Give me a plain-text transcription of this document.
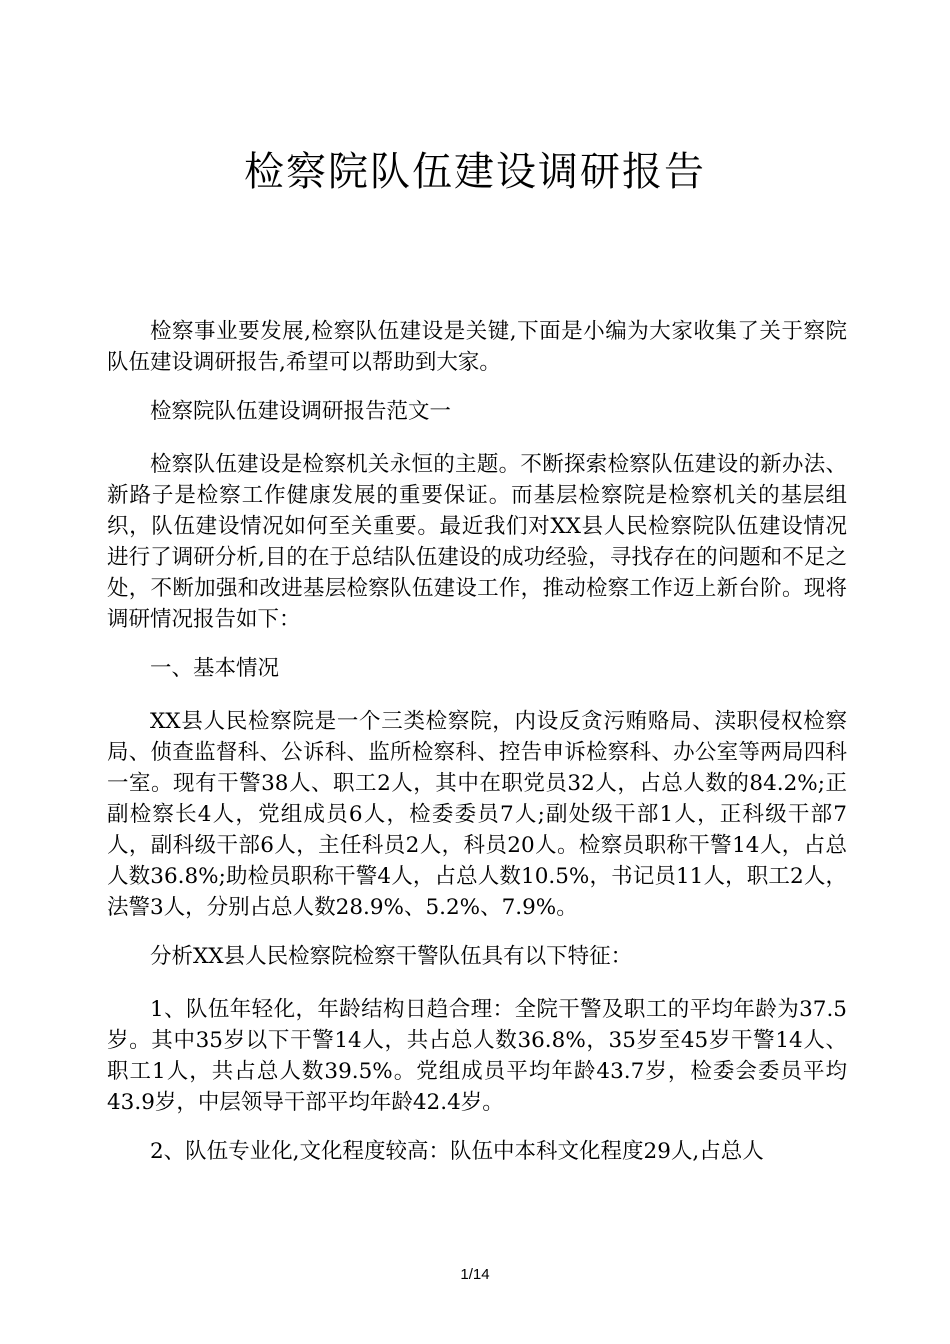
检察院队伍建设调研报告

检察事业要发展,检察队伍建设是关键,下面是小编为大家收集了关于察院队伍建设调研报告,希望可以帮助到大家。

检察院队伍建设调研报告范文一

检察队伍建设是检察机关永恒的主题。不断探索检察队伍建设的新办法、新路子是检察工作健康发展的重要保证。而基层检察院是检察机关的基层组织，队伍建设情况如何至关重要。最近我们对XX县人民检察院队伍建设情况进行了调研分析,目的在于总结队伍建设的成功经验，寻找存在的问题和不足之处，不断加强和改进基层检察队伍建设工作，推动检察工作迈上新台阶。现将调研情况报告如下：

一、基本情况

XX县人民检察院是一个三类检察院，内设反贪污贿赂局、渎职侵权检察局、侦查监督科、公诉科、监所检察科、控告申诉检察科、办公室等两局四科一室。现有干警38人、职工2人，其中在职党员32人，占总人数的84.2%;正副检察长4人，党组成员6人，检委委员7人;副处级干部1人，正科级干部7人，副科级干部6人，主任科员2人，科员20人。检察员职称干警14人，占总人数36.8%;助检员职称干警4人，占总人数10.5%，书记员11人，职工2人，法警3人，分别占总人数28.9%、5.2%、7.9%。

分析XX县人民检察院检察干警队伍具有以下特征：

1、队伍年轻化，年龄结构日趋合理：全院干警及职工的平均年龄为37.5岁。其中35岁以下干警14人，共占总人数36.8%，35岁至45岁干警14人、职工1人，共占总人数39.5%。党组成员平均年龄43.7岁，检委会委员平均43.9岁，中层领导干部平均年龄42.4岁。

2、队伍专业化,文化程度较高：队伍中本科文化程度29人,占总人

1/14
